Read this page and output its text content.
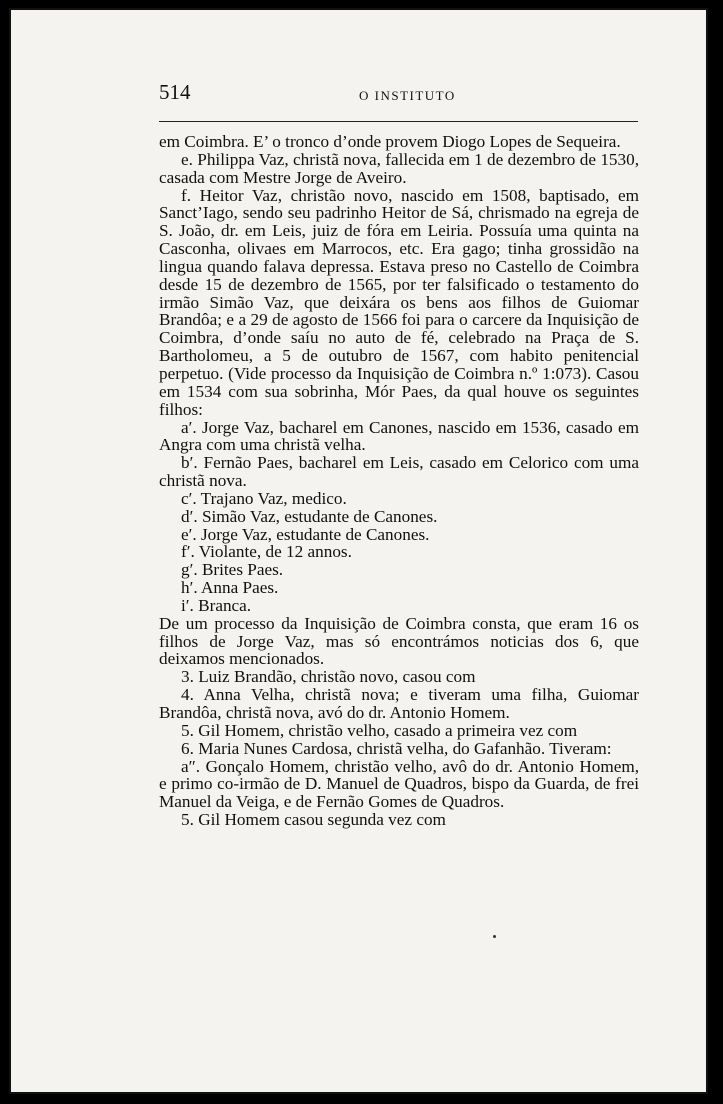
514	O INSTITUTO

em Coimbra. E’ o tronco d’onde provem Diogo Lopes de Sequeira.

e. Philippa Vaz, christã nova, fallecida em 1 de dezembro de 1530, casada com Mestre Jorge de Aveiro.

f. Heitor Vaz, christão novo, nascido em 1508, baptisado, em Sanct’Iago, sendo seu padrinho Heitor de Sá, chrismado na egreja de S. João, dr. em Leis, juiz de fóra em Leiria. Possuía uma quinta na Casconha, olivaes em Marrocos, etc. Era gago; tinha grossidão na lingua quando falava depressa. Estava preso no Castello de Coimbra desde 15 de dezembro de 1565, por ter falsificado o testamento do irmão Simão Vaz, que deixára os bens aos filhos de Guiomar Brandôa; e a 29 de agosto de 1566 foi para o carcere da Inquisição de Coimbra, d’onde saíu no auto de fé, celebrado na Praça de S. Bartholomeu, a 5 de outubro de 1567, com habito penitencial perpetuo. (Vide processo da Inquisição de Coimbra n.º 1:073). Casou em 1534 com sua sobrinha, Mór Paes, da qual houve os seguintes filhos:

a′. Jorge Vaz, bacharel em Canones, nascido em 1536, casado em Angra com uma christã velha.

b′. Fernão Paes, bacharel em Leis, casado em Celorico com uma christã nova.

c′. Trajano Vaz, medico.

d′. Simão Vaz, estudante de Canones.

e′. Jorge Vaz, estudante de Canones.

f′. Violante, de 12 annos.

g′. Brites Paes.

h′. Anna Paes.

i′. Branca.

De um processo da Inquisição de Coimbra consta, que eram 16 os filhos de Jorge Vaz, mas só encontrámos noticias dos 6, que deixamos mencionados.

3. Luiz Brandão, christão novo, casou com

4. Anna Velha, christã nova; e tiveram uma filha, Guiomar Brandôa, christã nova, avó do dr. Antonio Homem.

5. Gil Homem, christão velho, casado a primeira vez com

6. Maria Nunes Cardosa, christã velha, do Gafanhão. Tiveram:

a″. Gonçalo Homem, christão velho, avô do dr. Antonio Homem, e primo co-irmão de D. Manuel de Quadros, bispo da Guarda, de frei Manuel da Veiga, e de Fernão Gomes de Quadros.

5. Gil Homem casou segunda vez com
